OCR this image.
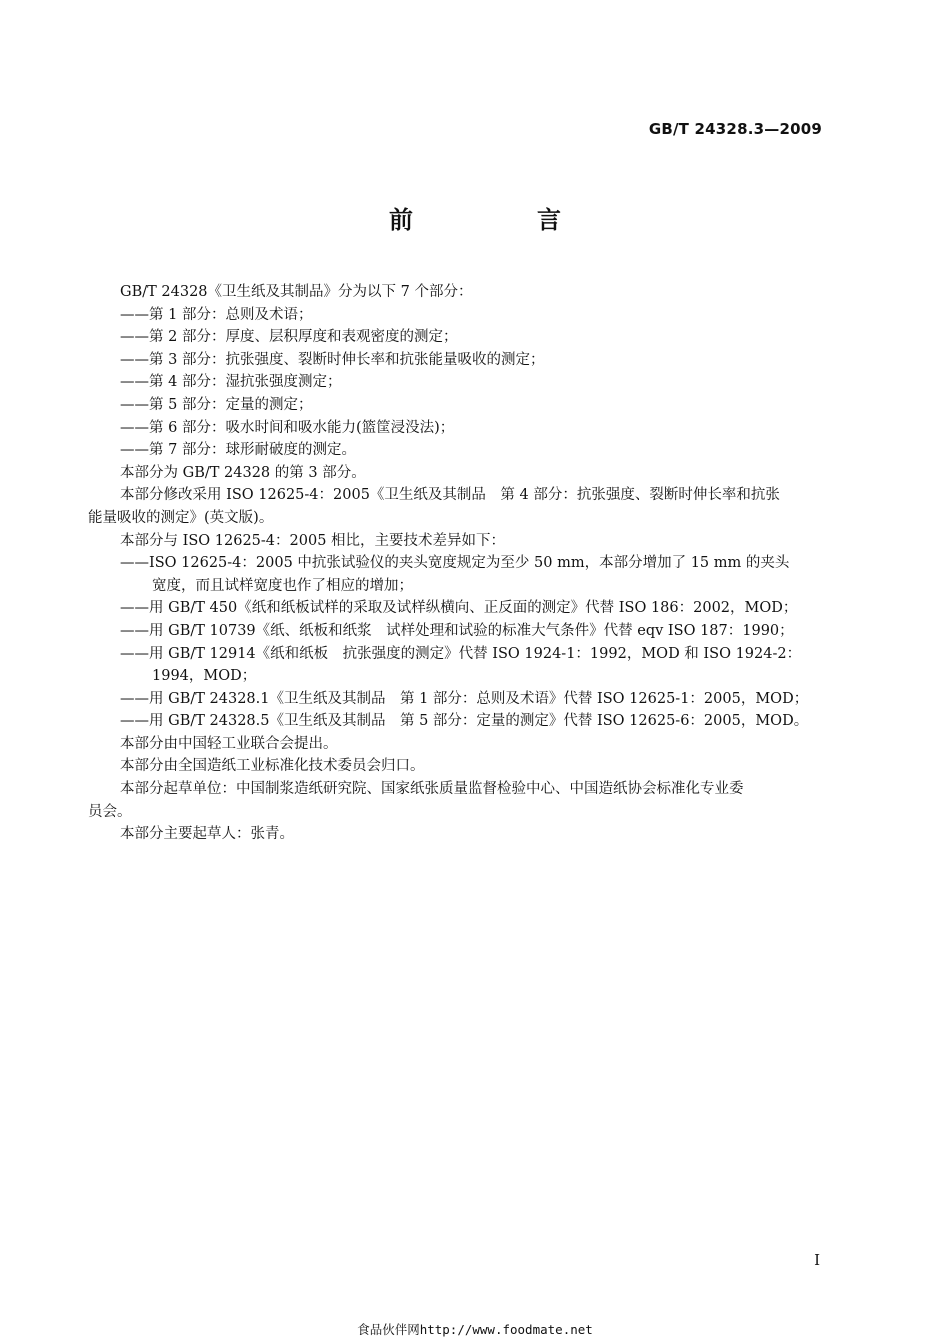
GB/T 24328.3—2009
前　言

GB/T 24328《卫生纸及其制品》分为以下 7 个部分：

——第 1 部分：总则及术语；

——第 2 部分：厚度、层积厚度和表观密度的测定；

——第 3 部分：抗张强度、裂断时伸长率和抗张能量吸收的测定；

——第 4 部分：湿抗张强度测定；

——第 5 部分：定量的测定；

——第 6 部分：吸水时间和吸水能力(篮筐浸没法)；

——第 7 部分：球形耐破度的测定。

本部分为 GB/T 24328 的第 3 部分。

本部分修改采用 ISO 12625-4：2005《卫生纸及其制品　第 4 部分：抗张强度、裂断时伸长率和抗张

能量吸收的测定》(英文版)。

本部分与 ISO 12625-4：2005 相比，主要技术差异如下：

——ISO 12625-4：2005 中抗张试验仪的夹头宽度规定为至少 50 mm，本部分增加了 15 mm 的夹头

宽度，而且试样宽度也作了相应的增加；

——用 GB/T 450《纸和纸板试样的采取及试样纵横向、正反面的测定》代替 ISO 186：2002，MOD；

——用 GB/T 10739《纸、纸板和纸浆　试样处理和试验的标准大气条件》代替 eqv ISO 187：1990；

——用 GB/T 12914《纸和纸板　抗张强度的测定》代替 ISO 1924-1：1992，MOD 和 ISO 1924-2：

1994，MOD；

——用 GB/T 24328.1《卫生纸及其制品　第 1 部分：总则及术语》代替 ISO 12625-1：2005，MOD；

——用 GB/T 24328.5《卫生纸及其制品　第 5 部分：定量的测定》代替 ISO 12625-6：2005，MOD。

本部分由中国轻工业联合会提出。

本部分由全国造纸工业标准化技术委员会归口。

本部分起草单位：中国制浆造纸研究院、国家纸张质量监督检验中心、中国造纸协会标准化专业委

员会。

本部分主要起草人：张青。

I
食品伙伴网http://www.foodmate.net
